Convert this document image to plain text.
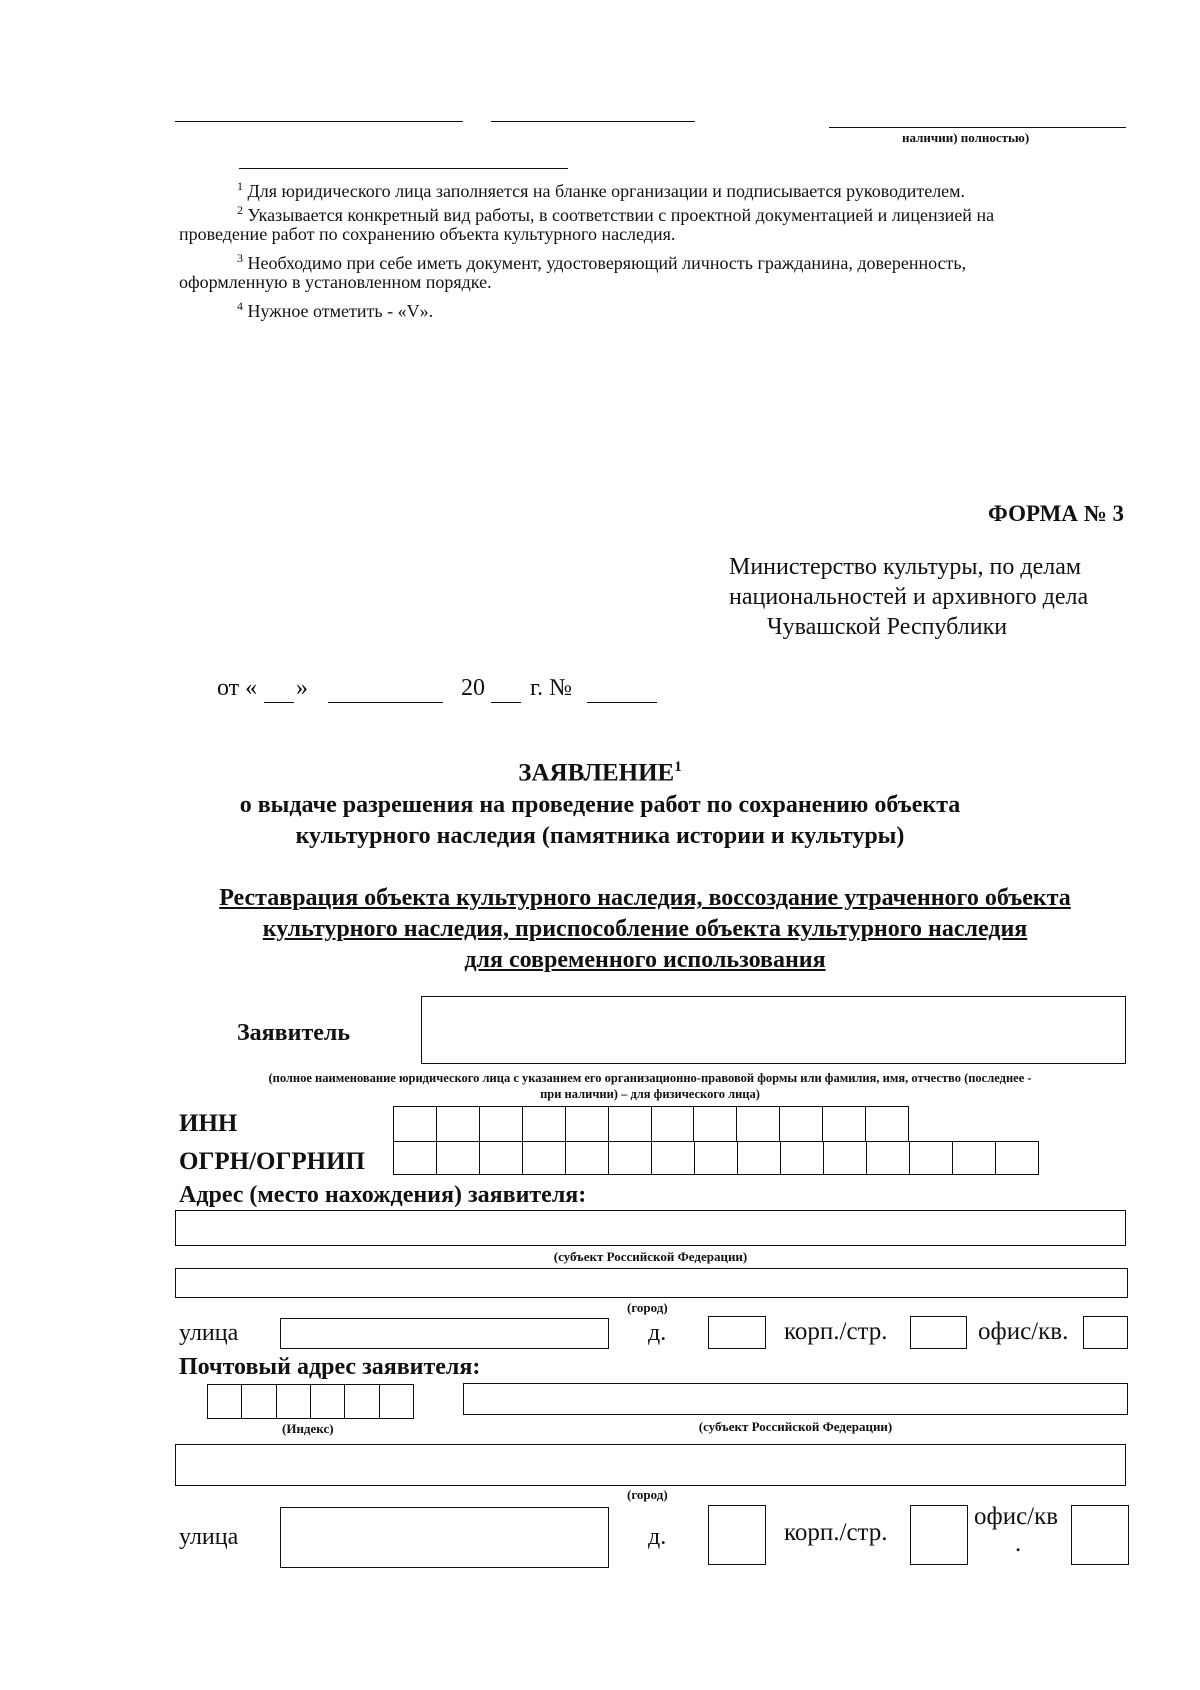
наличии) полностью)
$^1$ Для юридического лица заполняется на бланке организации и подписывается руководителем.
$^2$ Указывается конкретный вид работы, в соответствии с проектной документацией и лицензией на
проведение работ по сохранению объекта культурного наследия.
$^3$ Необходимо при себе иметь документ, удостоверяющий личность гражданина, доверенность,
оформленную в установленном порядке.
$^4$ Нужное отметить - «V».
ФОРМА № 3
Министерство культуры, по делам
национальностей и архивного дела
Чувашской Республики
от « »	20 г. №
ЗАЯВЛЕНИЕ$^1$
о выдаче разрешения на проведение работ по сохранению объекта
культурного наследия (памятника истории и культуры)
Реставрация объекта культурного наследия, воссоздание утраченного объекта
культурного наследия, приспособление объекта культурного наследия
для современного использования
Заявитель
(полное наименование юридического лица с указанием его организационно-правовой формы или фамилия, имя, отчество (последнее -
при наличии) – для физического лица)
ИНН
ОГРН/ОГРНИП
Адрес (место нахождения) заявителя:
(субъект Российской Федерации)
(город)
улица	д.	корп./стр.	офис/кв.
Почтовый адрес заявителя:
(Индекс)	(субъект Российской Федерации)
(город)
улица	д.	корп./стр.
офис/кв
.
